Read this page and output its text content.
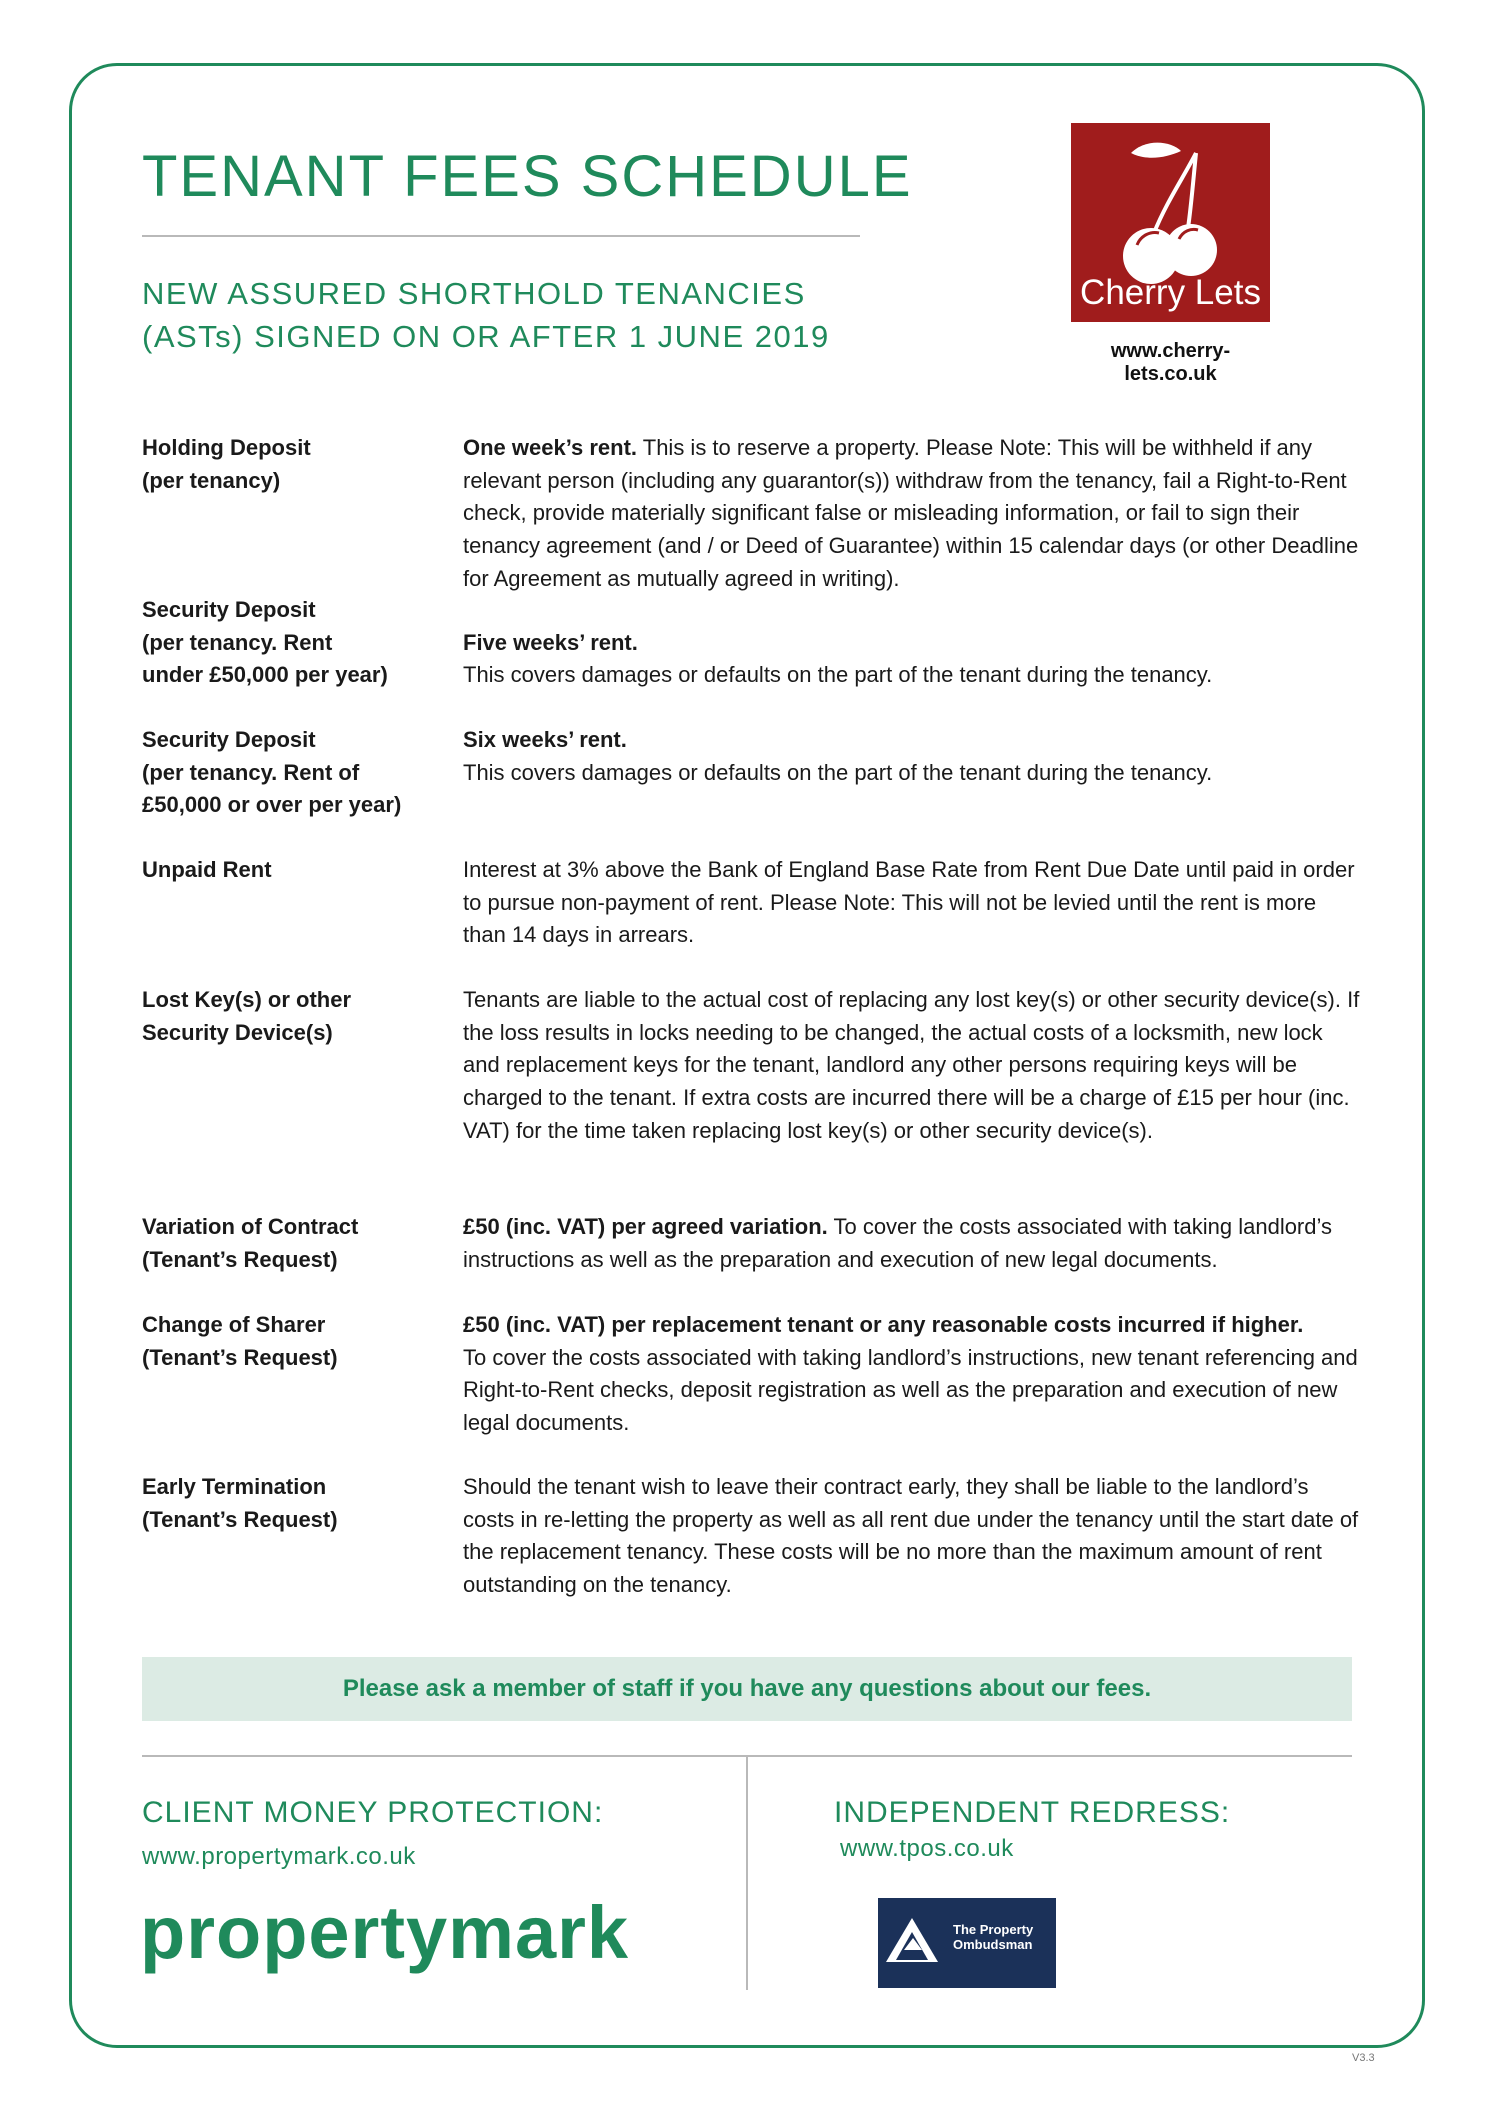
TENANT FEES SCHEDULE
NEW ASSURED SHORTHOLD TENANCIES
(ASTs) SIGNED ON OR AFTER 1 JUNE 2019
Cherry Lets
www.cherry-lets.co.uk
Holding Deposit
(per tenancy)
One week’s rent. This is to reserve a property. Please Note: This will be withheld if any relevant person (including any guarantor(s)) withdraw from the tenancy, fail a Right-to-Rent check, provide materially significant false or misleading information, or fail to sign their tenancy agreement (and / or Deed of Guarantee) within 15 calendar days (or other Deadline for Agreement as mutually agreed in writing).
Security Deposit
(per tenancy. Rent
under £50,000 per year)
Five weeks’ rent.
This covers damages or defaults on the part of the tenant during the tenancy.
Security Deposit
(per tenancy. Rent of
£50,000 or over per year)
Six weeks’ rent.
This covers damages or defaults on the part of the tenant during the tenancy.
Unpaid Rent	Interest at 3% above the Bank of England Base Rate from Rent Due Date until paid in order to pursue non-payment of rent. Please Note: This will not be levied until the rent is more than 14 days in arrears.
Lost Key(s) or other
Security Device(s)
Tenants are liable to the actual cost of replacing any lost key(s) or other security device(s). If the loss results in locks needing to be changed, the actual costs of a locksmith, new lock and replacement keys for the tenant, landlord any other persons requiring keys will be charged to the tenant. If extra costs are incurred there will be a charge of £15 per hour (inc. VAT) for the time taken replacing lost key(s) or other security device(s).
Variation of Contract
(Tenant’s Request)
£50 (inc. VAT) per agreed variation. To cover the costs associated with taking landlord’s instructions as well as the preparation and execution of new legal documents.
Change of Sharer
(Tenant’s Request)
£50 (inc. VAT) per replacement tenant or any reasonable costs incurred if higher.
To cover the costs associated with taking landlord’s instructions, new tenant referencing and Right-to-Rent checks, deposit registration as well as the preparation and execution of new legal documents.
Early Termination
(Tenant’s Request)
Should the tenant wish to leave their contract early, they shall be liable to the landlord’s costs in re-letting the property as well as all rent due under the tenancy until the start date of the replacement tenancy. These costs will be no more than the maximum amount of rent outstanding on the tenancy.
Please ask a member of staff if you have any questions about our fees.
CLIENT MONEY PROTECTION:
www.propertymark.co.uk
propertymark
INDEPENDENT REDRESS:
www.tpos.co.uk
The Property
Ombudsman
V3.3
